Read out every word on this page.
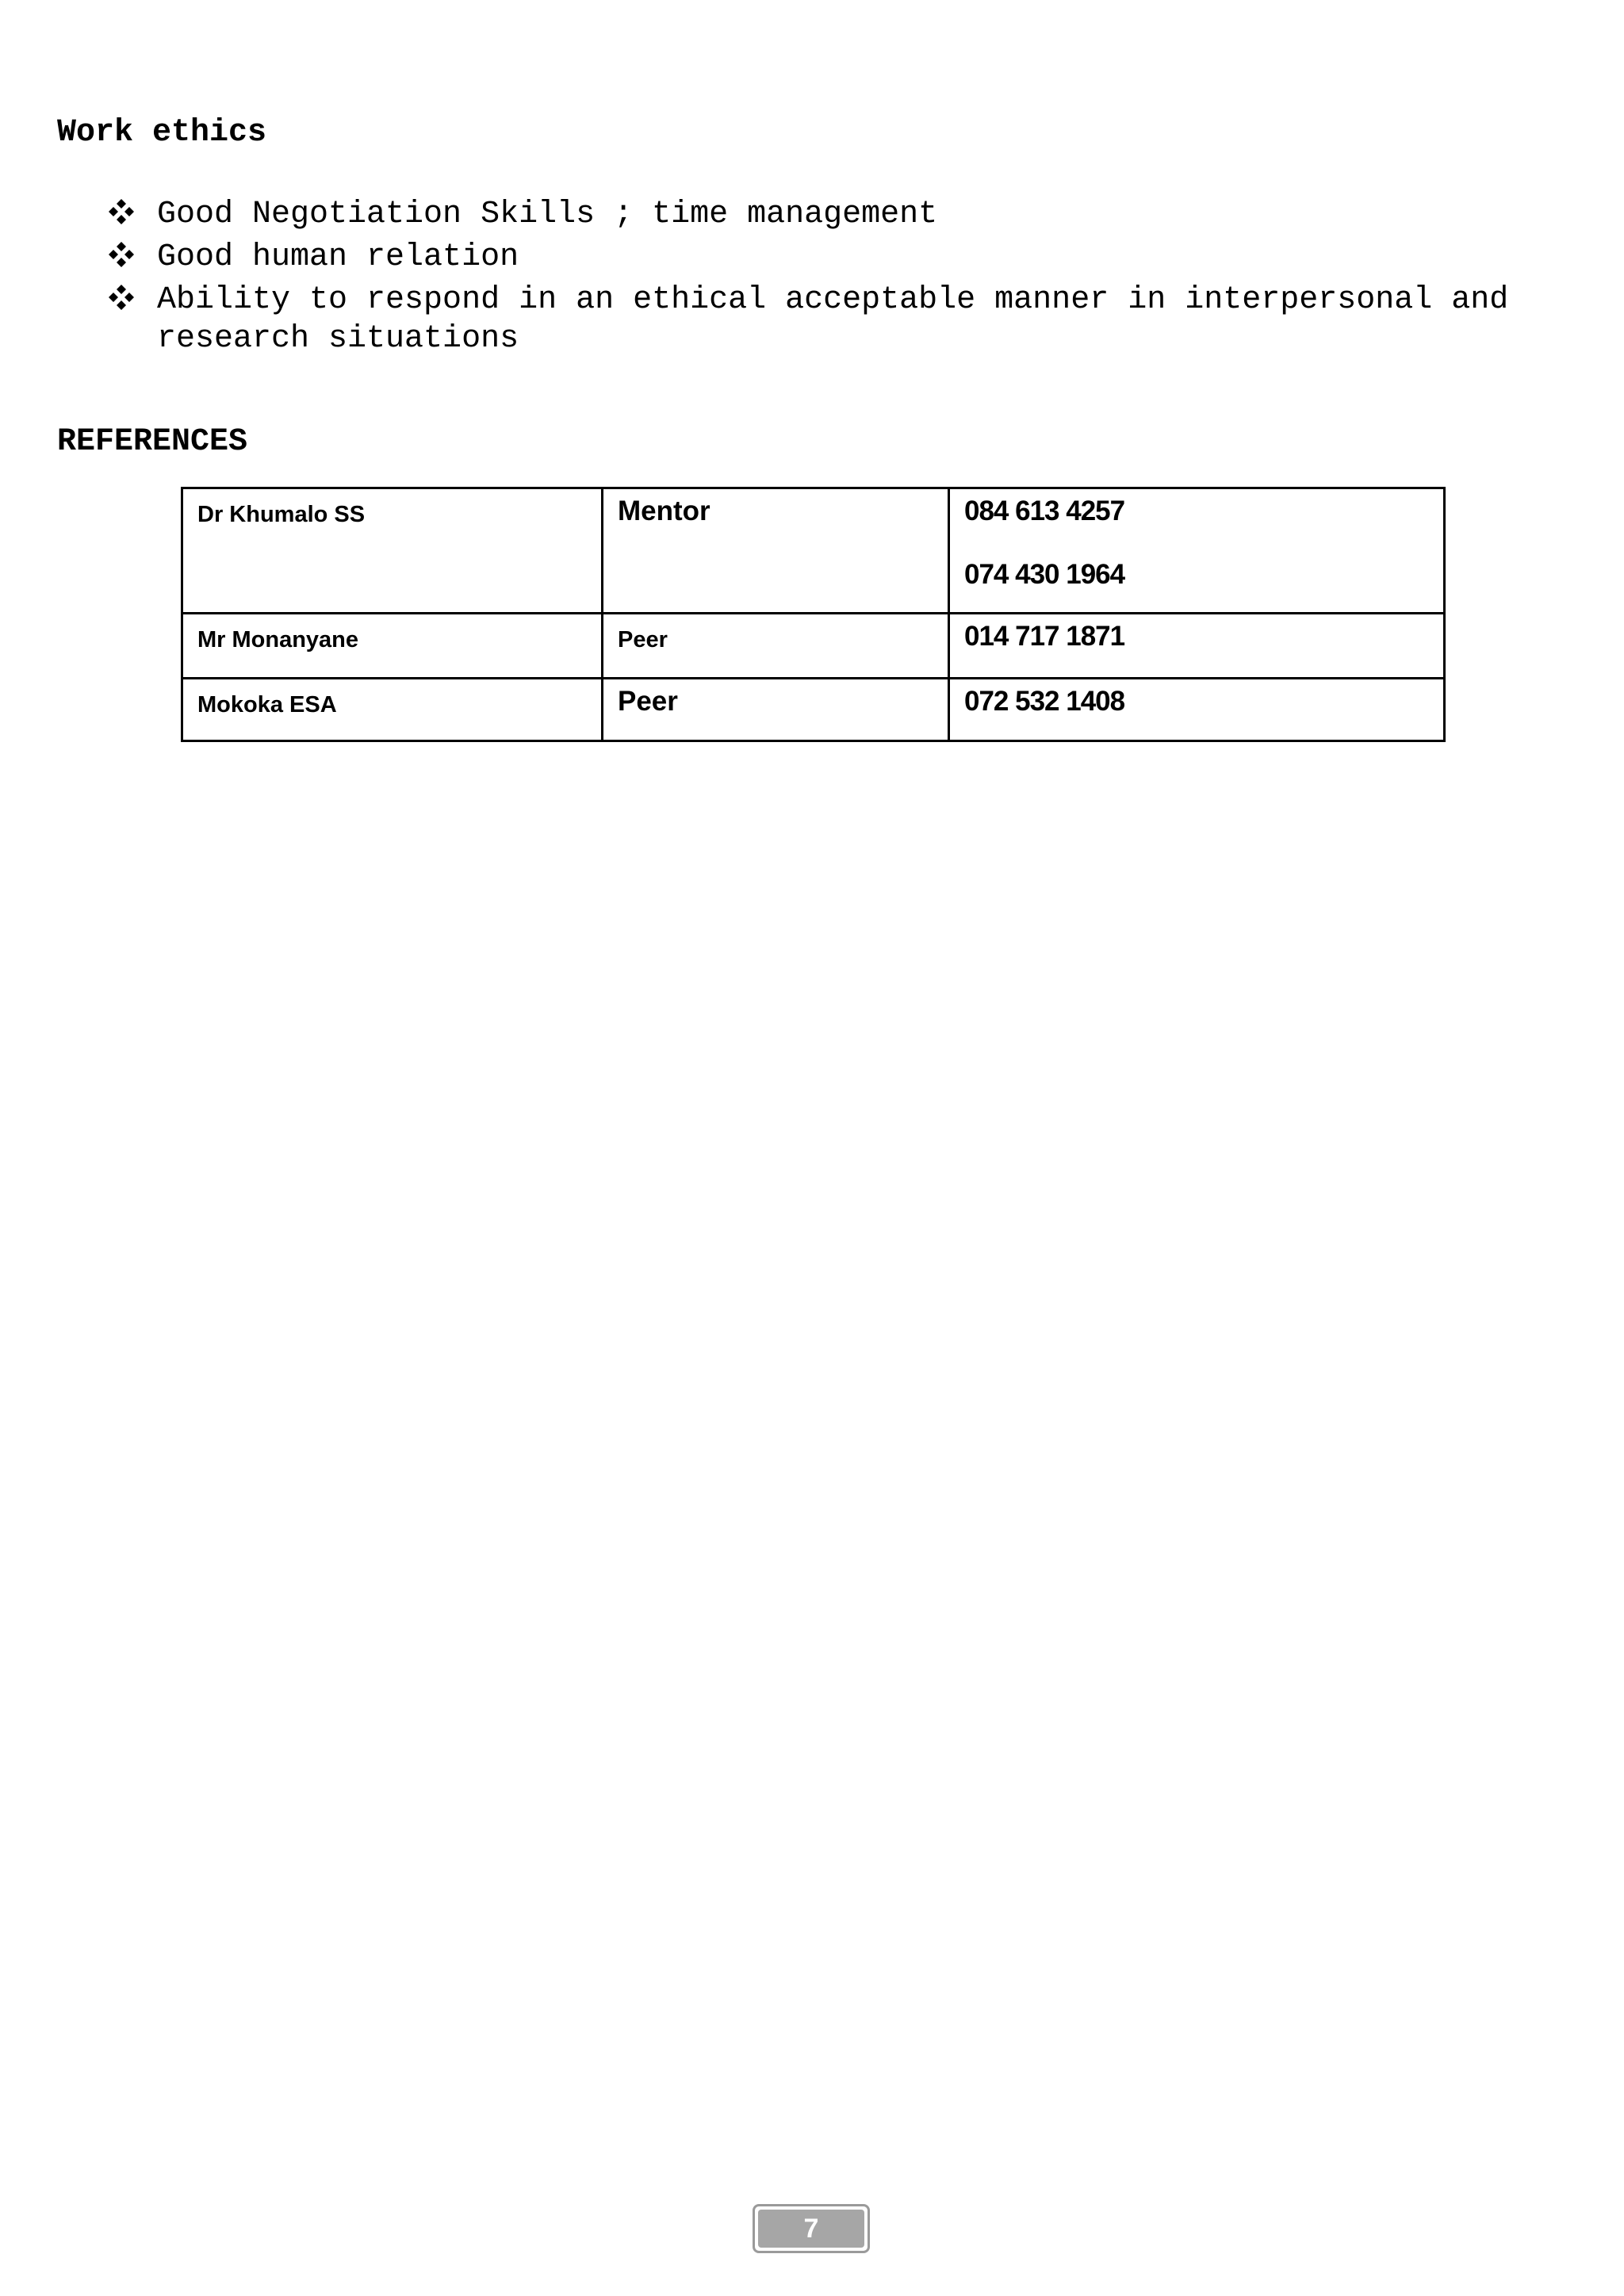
Work ethics
Good Negotiation Skills ; time management
Good human relation
Ability to respond in an ethical acceptable manner in interpersonal and research situations
REFERENCES
Dr Khumalo SS	Mentor	084 613 4257
074 430 1964

Mr Monanyane	Peer	014 717 1871

Mokoka ESA	Peer	072 532 1408
7
